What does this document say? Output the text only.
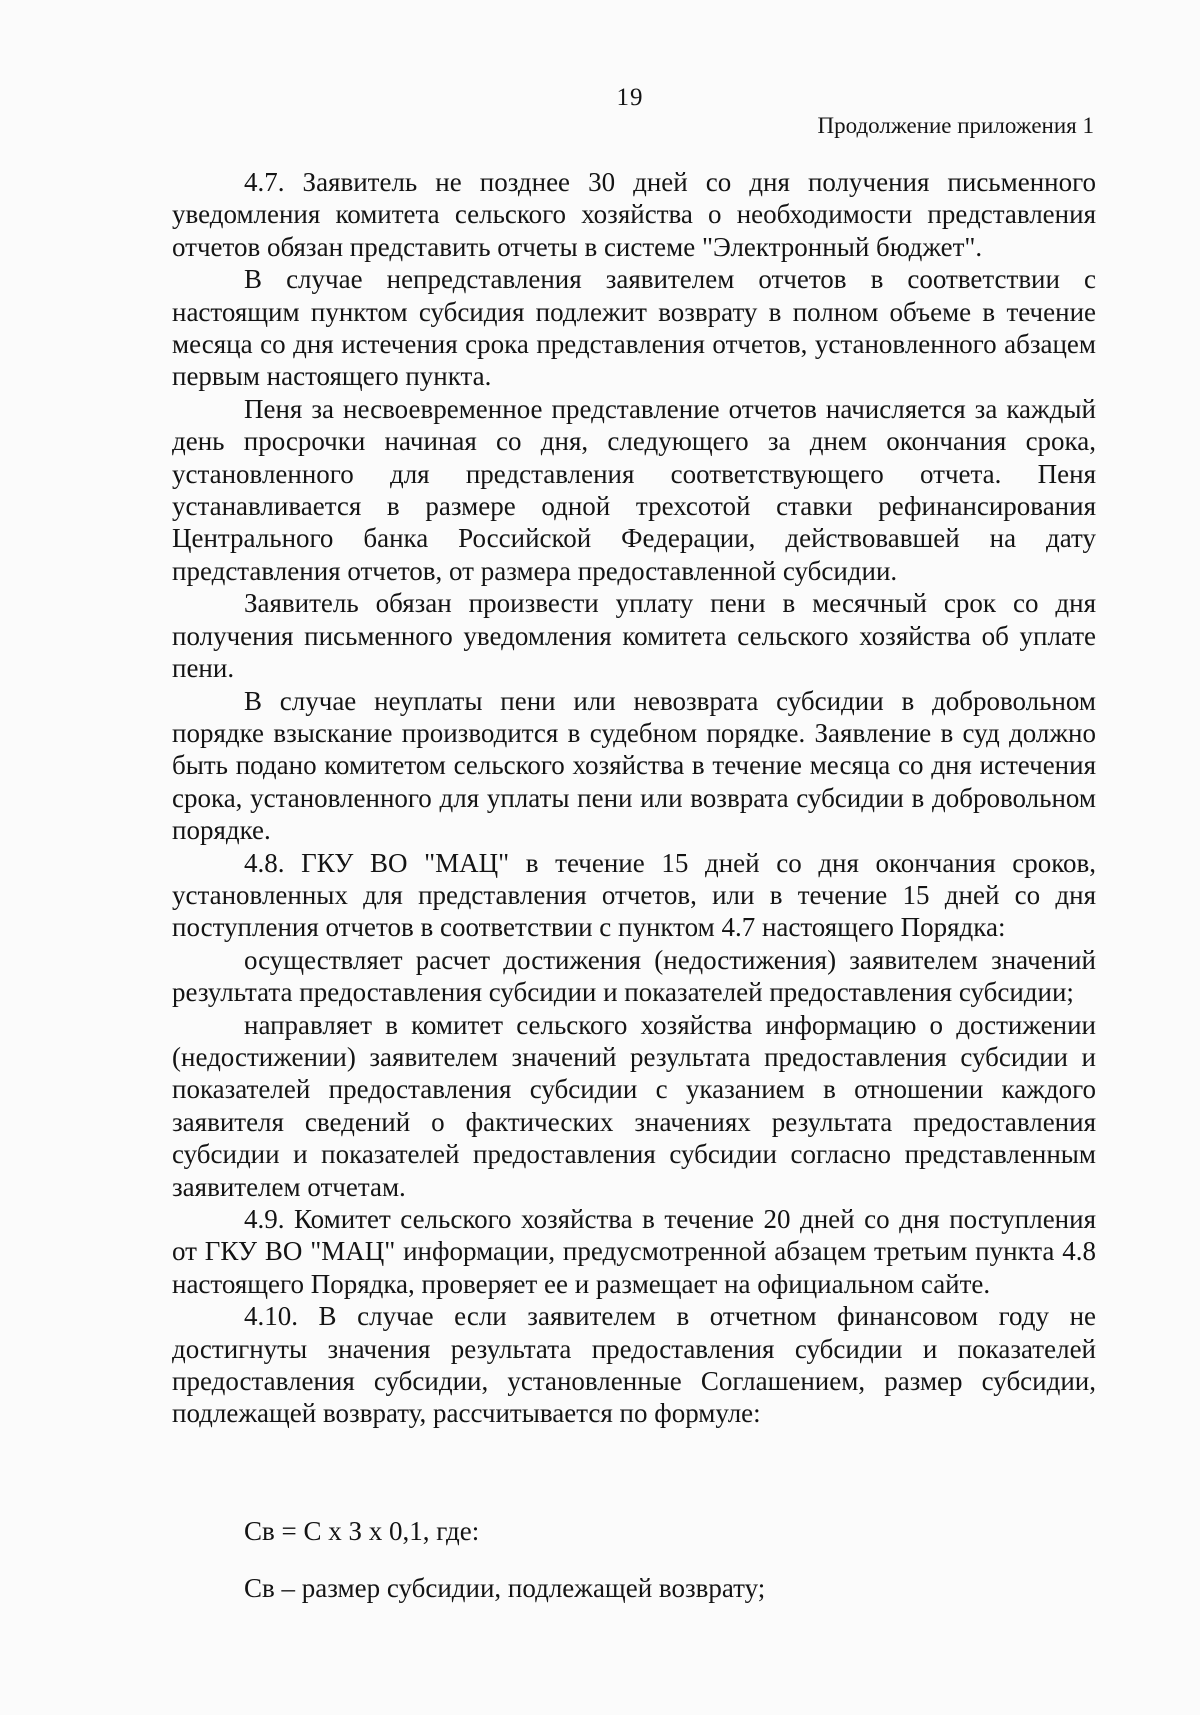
19
Продолжение приложения 1

4.7. Заявитель не позднее 30 дней со дня получения письменного уведомления комитета сельского хозяйства о необходимости представления отчетов обязан представить отчеты в системе "Электронный бюджет".

В случае непредставления заявителем отчетов в соответствии с настоящим пунктом субсидия подлежит возврату в полном объеме в течение месяца со дня истечения срока представления отчетов, установленного абзацем первым настоящего пункта.

Пеня за несвоевременное представление отчетов начисляется за каждый день просрочки начиная со дня, следующего за днем окончания срока, установленного для представления соответствующего отчета. Пеня устанавливается в размере одной трехсотой ставки рефинансирования Центрального банка Российской Федерации, действовавшей на дату представления отчетов, от размера предоставленной субсидии.

Заявитель обязан произвести уплату пени в месячный срок со дня получения письменного уведомления комитета сельского хозяйства об уплате пени.

В случае неуплаты пени или невозврата субсидии в добровольном порядке взыскание производится в судебном порядке. Заявление в суд должно быть подано комитетом сельского хозяйства в течение месяца со дня истечения срока, установленного для уплаты пени или возврата субсидии в добровольном порядке.

4.8. ГКУ ВО "МАЦ" в течение 15 дней со дня окончания сроков, установленных для представления отчетов, или в течение 15 дней со дня поступления отчетов в соответствии с пунктом 4.7 настоящего Порядка:

осуществляет расчет достижения (недостижения) заявителем значений результата предоставления субсидии и показателей предоставления субсидии;

направляет в комитет сельского хозяйства информацию о достижении (недостижении) заявителем значений результата предоставления субсидии и показателей предоставления субсидии с указанием в отношении каждого заявителя сведений о фактических значениях результата предоставления субсидии и показателей предоставления субсидии согласно представленным заявителем отчетам.

4.9. Комитет сельского хозяйства в течение 20 дней со дня поступления от ГКУ ВО "МАЦ" информации, предусмотренной абзацем третьим пункта 4.8 настоящего Порядка, проверяет ее и размещает на официальном сайте.

4.10. В случае если заявителем в отчетном финансовом году не достигнуты значения результата предоставления субсидии и показателей предоставления субсидии, установленные Соглашением, размер субсидии, подлежащей возврату, рассчитывается по формуле:

Св = С х З х 0,1, где:
Св – размер субсидии, подлежащей возврату;
